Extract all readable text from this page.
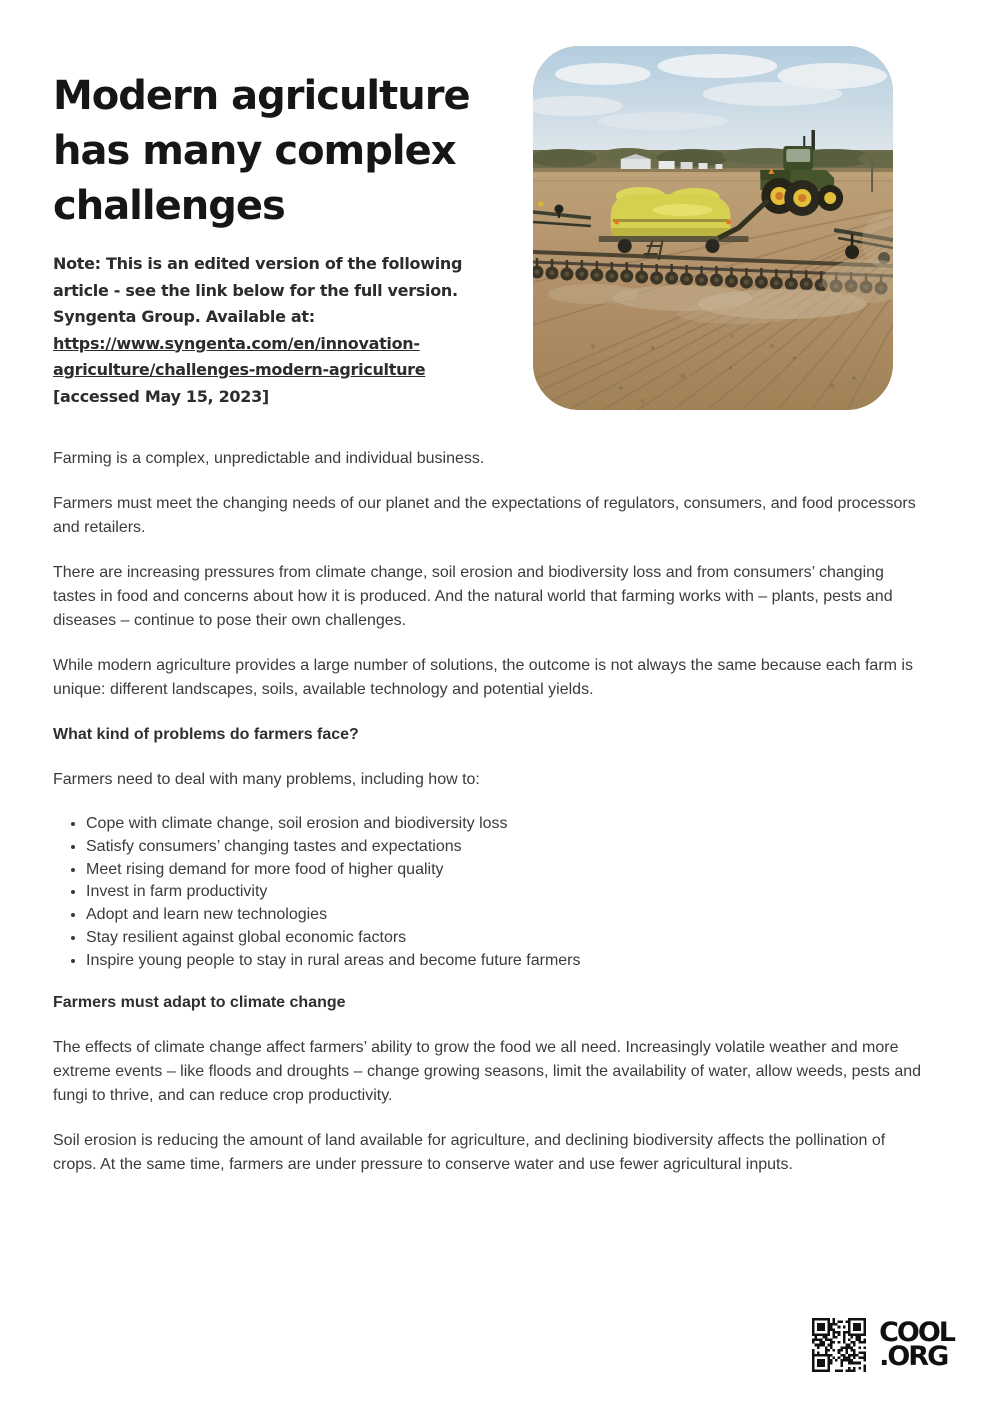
Modern agriculture
has many complex
challenges
Note: This is an edited version of the following
article - see the link below for the full version.
Syngenta Group. Available at:
https://www.syngenta.com/en/innovation-
agriculture/challenges-modern-agriculture
[accessed May 15, 2023]

Farming is a complex, unpredictable and individual business.

Farmers must meet the changing needs of our planet and the expectations of regulators, consumers, and food processors and retailers.

There are increasing pressures from climate change, soil erosion and biodiversity loss and from consumers’ changing tastes in food and concerns about how it is produced. And the natural world that farming works with – plants, pests and diseases – continue to pose their own challenges.

While modern agriculture provides a large number of solutions, the outcome is not always the same because each farm is unique: different landscapes, soils, available technology and potential yields.

What kind of problems do farmers face?

Farmers need to deal with many problems, including how to:

• Cope with climate change, soil erosion and biodiversity loss
• Satisfy consumers’ changing tastes and expectations
• Meet rising demand for more food of higher quality
• Invest in farm productivity
• Adopt and learn new technologies
• Stay resilient against global economic factors
• Inspire young people to stay in rural areas and become future farmers

Farmers must adapt to climate change

The effects of climate change affect farmers’ ability to grow the food we all need. Increasingly volatile weather and more extreme events – like floods and droughts – change growing seasons, limit the availability of water, allow weeds, pests and fungi to thrive, and can reduce crop productivity.

Soil erosion is reducing the amount of land available for agriculture, and declining biodiversity affects the pollination of crops. At the same time, farmers are under pressure to conserve water and use fewer agricultural inputs.

COOL
.ORG
